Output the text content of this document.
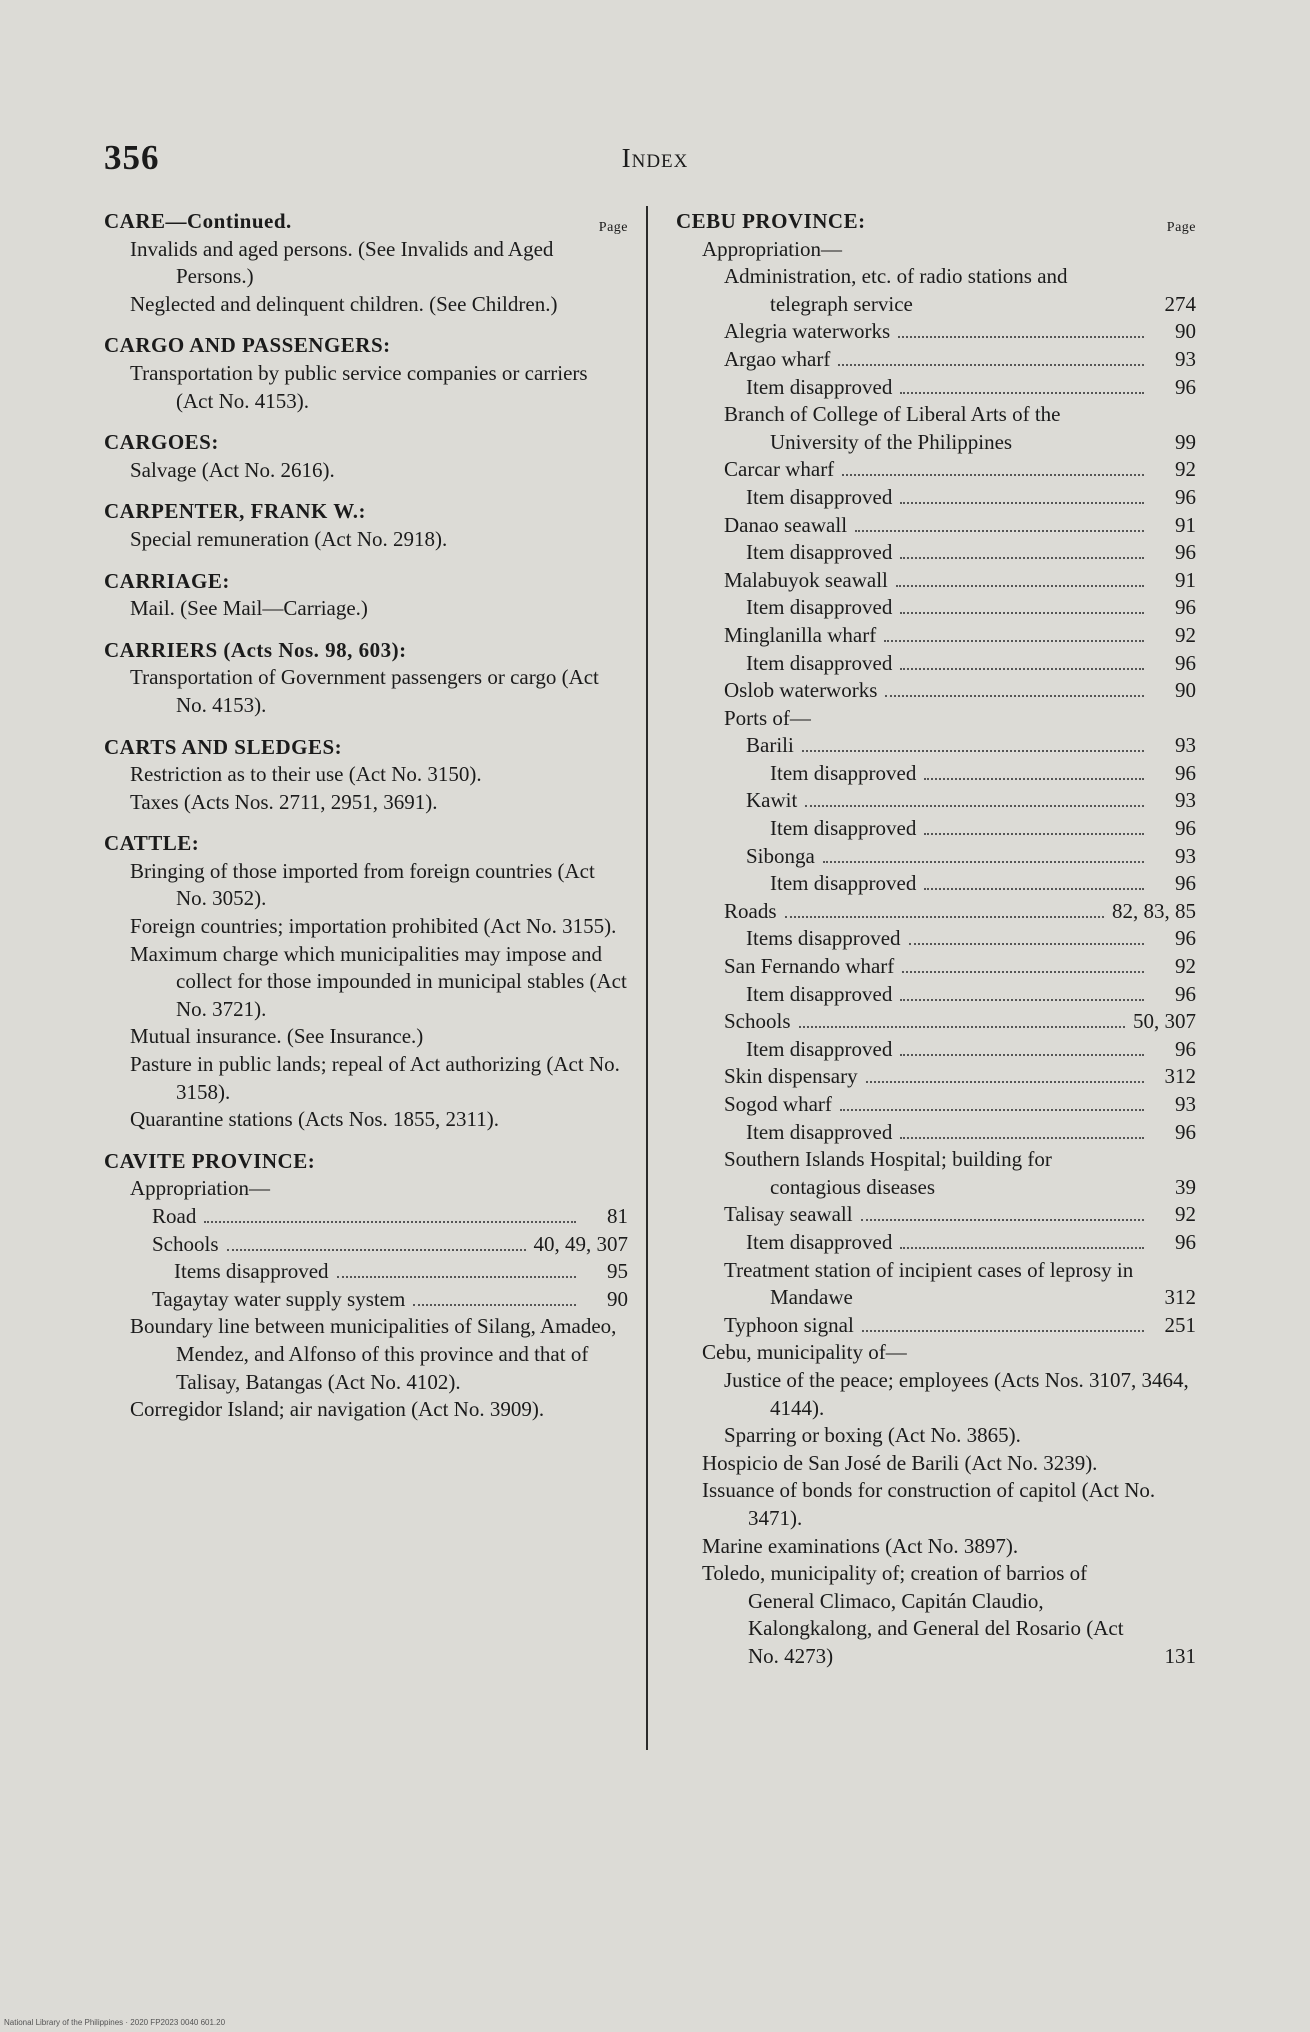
356	Index
Page
CARE—Continued.
Invalids and aged persons. (See Invalids and Aged Persons.)
Neglected and delinquent children. (See Children.)
CARGO AND PASSENGERS:
Transportation by public service companies or carriers (Act No. 4153).
CARGOES:
Salvage (Act No. 2616).
CARPENTER, FRANK W.:
Special remuneration (Act No. 2918).
CARRIAGE:
Mail. (See Mail—Carriage.)
CARRIERS (Acts Nos. 98, 603):
Transportation of Government passengers or cargo (Act No. 4153).
CARTS AND SLEDGES:
Restriction as to their use (Act No. 3150).
Taxes (Acts Nos. 2711, 2951, 3691).
CATTLE:
Bringing of those imported from foreign countries (Act No. 3052).
Foreign countries; importation prohibited (Act No. 3155).
Maximum charge which municipalities may impose and collect for those impounded in municipal stables (Act No. 3721).
Mutual insurance. (See Insurance.)
Pasture in public lands; repeal of Act authorizing (Act No. 3158).
Quarantine stations (Acts Nos. 1855, 2311).
CAVITE PROVINCE:
Appropriation—
Road	81
Schools	40, 49, 307
Items disapproved	95
Tagaytay water supply system	90
Boundary line between municipalities of Silang, Amadeo, Mendez, and Alfonso of this province and that of Talisay, Batangas (Act No. 4102).
Corregidor Island; air navigation (Act No. 3909).
Page
CEBU PROVINCE:
Appropriation—
Administration, etc. of radio stations and telegraph service	274
Alegria waterworks	90
Argao wharf	93
Item disapproved	96
Branch of College of Liberal Arts of the University of the Philippines	99
Carcar wharf	92
Item disapproved	96
Danao seawall	91
Item disapproved	96
Malabuyok seawall	91
Item disapproved	96
Minglanilla wharf	92
Item disapproved	96
Oslob waterworks	90
Ports of—
Barili	93
Item disapproved	96
Kawit	93
Item disapproved	96
Sibonga	93
Item disapproved	96
Roads	82, 83, 85
Items disapproved	96
San Fernando wharf	92
Item disapproved	96
Schools	50, 307
Item disapproved	96
Skin dispensary	312
Sogod wharf	93
Item disapproved	96
Southern Islands Hospital; building for contagious diseases	39
Talisay seawall	92
Item disapproved	96
Treatment station of incipient cases of leprosy in Mandawe	312
Typhoon signal	251
Cebu, municipality of—
Justice of the peace; employees (Acts Nos. 3107, 3464, 4144).
Sparring or boxing (Act No. 3865).
Hospicio de San José de Barili (Act No. 3239).
Issuance of bonds for construction of capitol (Act No. 3471).
Marine examinations (Act No. 3897).
Toledo, municipality of; creation of barrios of General Climaco, Capitán Claudio, Kalongkalong, and General del Rosario (Act No. 4273)	131
National Library of the Philippines · 2020 FP2023 0040 601.20
